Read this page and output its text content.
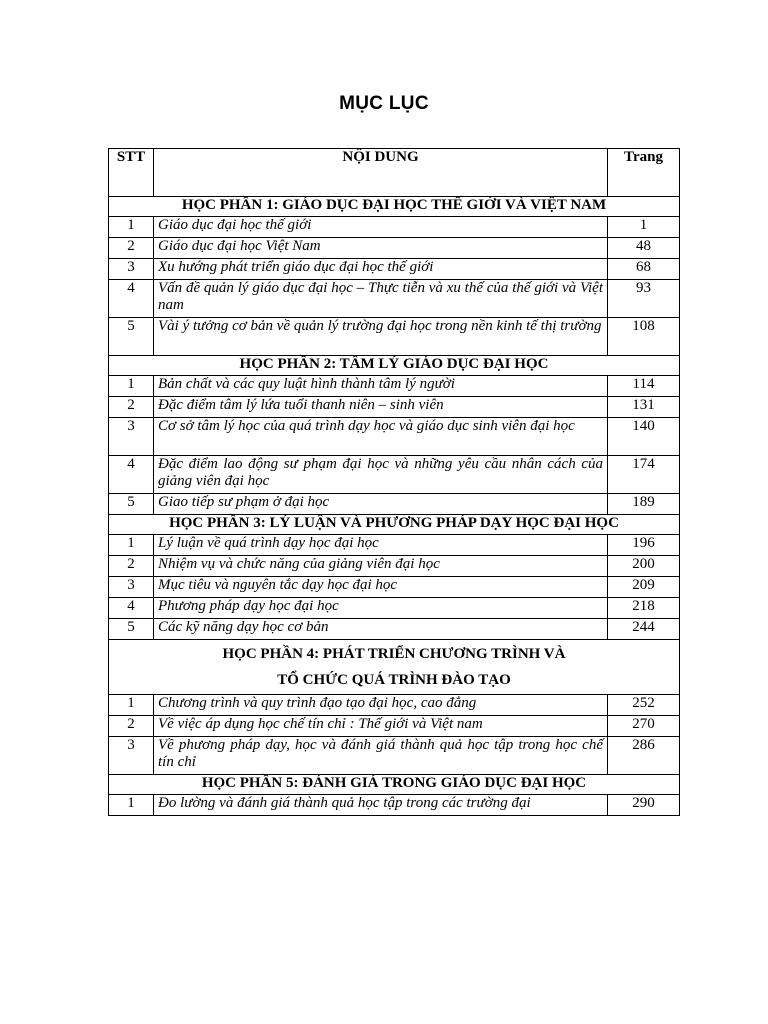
MỤC LỤC
STT	NỘI DUNG	Trang
HỌC PHẦN 1: GIÁO DỤC ĐẠI HỌC THẾ GIỚI VÀ VIỆT NAM		
1	Giáo dục đại học thế giới	1
2	Giáo dục đại học Việt Nam	48
3	Xu hướng phát triển giáo dục đại học thế giới	68
4	Vấn đề quản lý giáo dục đại học – Thực tiễn và xu thế của thế giới và Việt nam	93
5	Vài ý tưởng cơ bản về quản lý trường đại học trong nền kinh tế thị trường	108
HỌC PHẦN 2: TÂM LÝ GIÁO DỤC ĐẠI HỌC		
1	Bản chất và các quy luật hình thành tâm lý người	114
2	Đặc điểm tâm lý lứa tuổi thanh niên – sinh viên	131
3	Cơ sở tâm lý học của quá trình dạy học và giáo dục sinh viên đại học	140
4	Đặc điểm lao động sư phạm đại học và những yêu cầu nhân cách của giảng viên đại học	174
5	Giao tiếp sư phạm ở đại học	189
HỌC PHẦN 3: LÝ LUẬN VÀ PHƯƠNG PHÁP DẠY HỌC ĐẠI HỌC		
1	Lý luận về quá trình dạy học đại học	196
2	Nhiệm vụ và chức năng của giảng viên đại học	200
3	Mục tiêu và nguyên tắc dạy học đại học	209
4	Phương pháp dạy học đại học	218
5	Các kỹ năng dạy học cơ bản	244

HỌC PHẦN 4: PHÁT TRIỂN CHƯƠNG TRÌNH VÀ
TỔ CHỨC QUÁ TRÌNH ĐÀO TẠO		

1	Chương trình và quy trình đạo tạo đại học, cao đẳng	252
2	Về việc áp dụng học chế tín chỉ : Thế giới và Việt nam	270
3	Về phương pháp dạy, học và đánh giá thành quả học tập trong học chế tín chỉ	286
HỌC PHẦN 5: ĐÁNH GIÁ TRONG GIÁO DỤC ĐẠI HỌC		
1	Đo lường và đánh giá thành quả học tập trong các trường đại	290
